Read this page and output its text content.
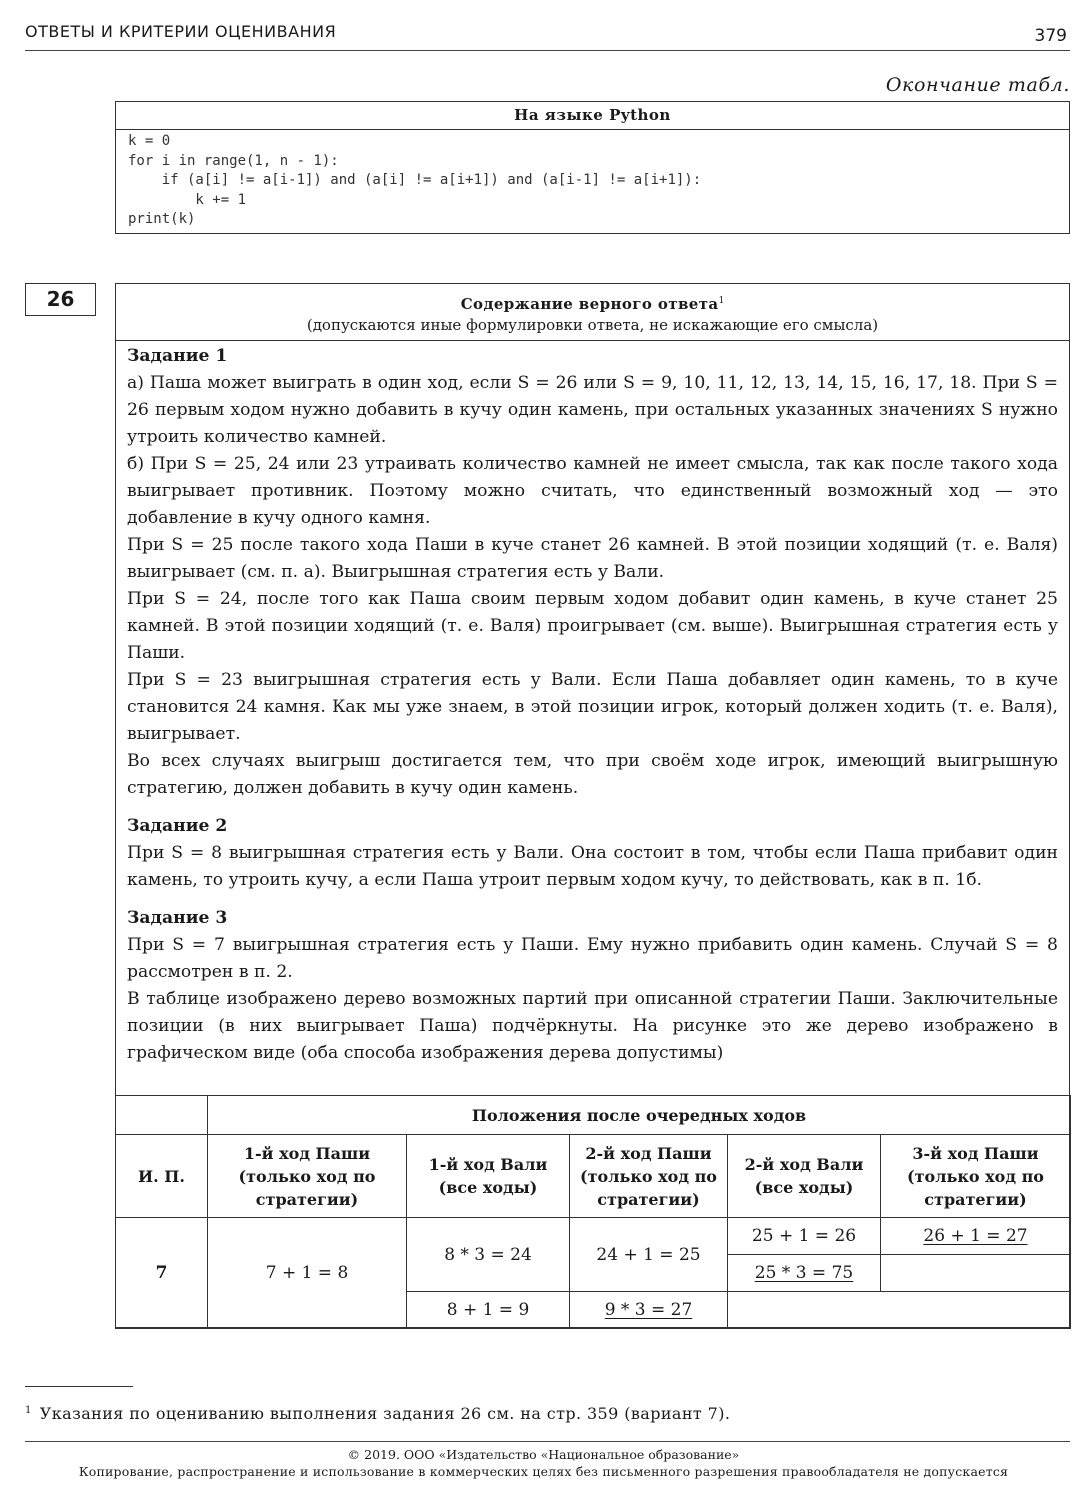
ОТВЕТЫ И КРИТЕРИИ ОЦЕНИВАНИЯ	379
Окончание табл.
На языке Python
k = 0
for i in range(1, n - 1):
if (a[i] != a[i-1]) and (a[i] != a[i+1]) and (a[i-1] != a[i+1]):
k += 1
print(k)
26	Содержание верного ответа$^1$
(допускаются иные формулировки ответа, не искажающие его смысла)

Задание 1

а) Паша может выиграть в один ход, если S = 26 или S = 9, 10, 11, 12, 13, 14, 15, 16, 17, 18. При S = 26 первым ходом нужно добавить в кучу один камень, при остальных указанных значениях S нужно утроить количество камней.

б) При S = 25, 24 или 23 утраивать количество камней не имеет смысла, так как после такого хода выигрывает противник. Поэтому можно считать, что единственный возможный ход — это добавление в кучу одного камня.

При S = 25 после такого хода Паши в куче станет 26 камней. В этой позиции ходящий (т. е. Валя) выигрывает (см. п. а). Выигрышная стратегия есть у Вали.

При S = 24, после того как Паша своим первым ходом добавит один камень, в куче станет 25 камней. В этой позиции ходящий (т. е. Валя) проигрывает (см. выше). Выигрышная стратегия есть у Паши.

При S = 23 выигрышная стратегия есть у Вали. Если Паша добавляет один камень, то в куче становится 24 камня. Как мы уже знаем, в этой позиции игрок, который должен ходить (т. е. Валя), выигрывает.

Во всех случаях выигрыш достигается тем, что при своём ходе игрок, имеющий выигрышную стратегию, должен добавить в кучу один камень.

Задание 2

При S = 8 выигрышная стратегия есть у Вали. Она состоит в том, чтобы если Паша прибавит один камень, то утроить кучу, а если Паша утроит первым ходом кучу, то действовать, как в п. 1б.

Задание 3

При S = 7 выигрышная стратегия есть у Паши. Ему нужно прибавить один камень. Случай S = 8 рассмотрен в п. 2.

В таблице изображено дерево возможных партий при описанной стратегии Паши. Заключительные позиции (в них выигрывает Паша) подчёркнуты. На рисунке это же дерево изображено в графическом виде (оба способа изображения дерева допустимы)

	Положения после очередных ходов				
И. П.	1-й ход Паши (только ход по стратегии)	1-й ход Вали (все ходы)	2-й ход Паши (только ход по стратегии)	2-й ход Вали (все ходы)	3-й ход Паши (только ход по стратегии)
7	7 + 1 = 8	8 * 3 = 24	24 + 1 = 25	25 + 1 = 26	26 + 1 = 27
				25 * 3 = 75	
		8 + 1 = 9	9 * 3 = 27		
$^1$ Указания по оцениванию выполнения задания 26 см. на стр. 359 (вариант 7).
© 2019. ООО «Издательство «Национальное образование»
Копирование, распространение и использование в коммерческих целях без письменного разрешения правообладателя не допускается
